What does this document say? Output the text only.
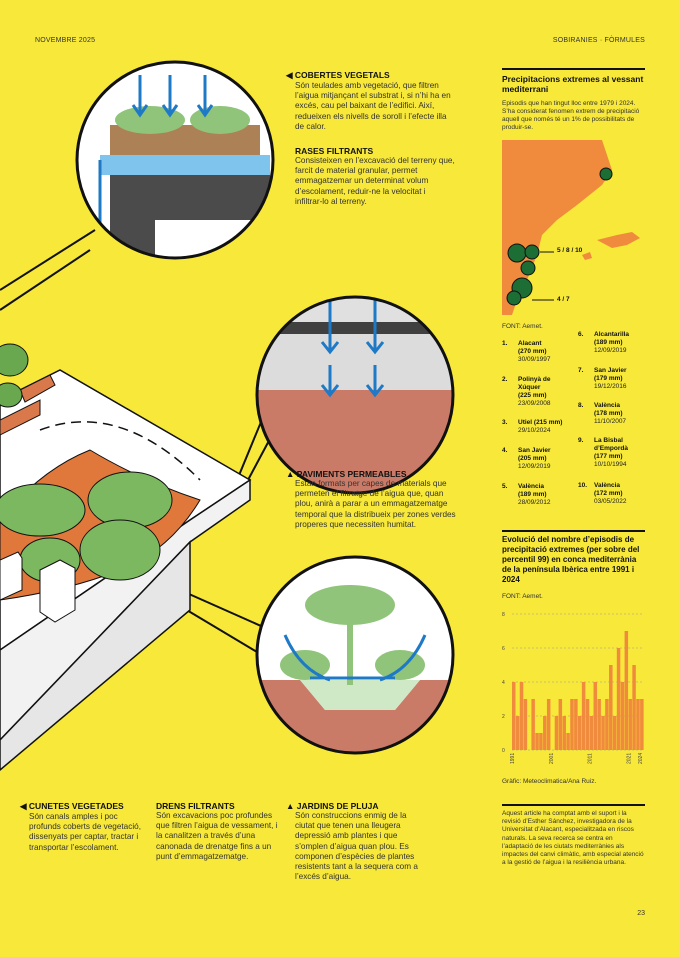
NOVEMBRE 2025	SOBIRANIES · FÒRMULES
◀ COBERTES VEGETALS
Són teulades amb vegetació, que filtren l’aigua mitjançant el substrat i, si n’hi ha en excés, cau pel baixant de l’edifici. Així, redueixen els nivells de soroll i l’efecte illa de calor.
RASES FILTRANTS
Consisteixen en l’excavació del terreny que, farcit de material granular, permet emmagatzemar un determinat volum d’escolament, reduir-ne la velocitat i infiltrar-lo al terreny.
▲ PAVIMENTS PERMEABLES
Estan formats per capes de materials que permeten el filtratge de l’aigua que, quan plou, anirà a parar a un emmagatzematge temporal que la distribueix per zones verdes properes que necessiten humitat.
◀ CUNETES VEGETADES
Són canals amples i poc profunds coberts de vegetació, dissenyats per captar, tractar i transportar l’escolament.
DRENS FILTRANTS
Són excavacions poc profundes que filtren l’aigua de vessament, i la canalitzen a través d’una canonada de drenatge fins a un punt d’emmagatzematge.
▲ JARDINS DE PLUJA
Són construccions enmig de la ciutat que tenen una lleugera depressió amb plantes i que s’omplen d’aigua quan plou. Es componen d’espècies de plantes resistents tant a la sequera com a l’excés d’aigua.
Precipitacions extremes al vessant mediterrani
Episodis que han tingut lloc entre 1979 i 2024. S’ha considerat fenomen extrem de precipitació aquell que només té un 1% de possibilitats de produir-se.
5 / 8 / 10
4 / 7
FONT: Aemet.
1.	Alacant
(270 mm)
30/09/1997
2.	Polinyà de Xúquer
(225 mm)
23/09/2008
3.	Utiel (215 mm)
29/10/2024
4.	San Javier
(205 mm)
12/09/2019
5.	València
(189 mm)
28/09/2012
6.	Alcantarilla
(189 mm)
12/09/2019
7.	San Javier
(179 mm)
19/12/2016
8.	València
(178 mm)
11/10/2007
9.	La Bisbal d’Empordà
(177 mm)
10/10/1994
10.	València
(172 mm)
03/05/2022
Evolució del nombre d’episodis de precipitació extremes (per sobre del percentil 99) en conca mediterrània de la península Ibèrica entre 1991 i 2024
FONT: Aemet.
0
2
4
6
8
1991	2001	2011	2021 2024
Gràfic: Meteoclimatica/Ana Ruiz.
Aquest article ha comptat amb el suport i la revisió d’Esther Sánchez, investigadora de la Universitat d’Alacant, especialitzada en riscos naturals. La seva recerca se centra en l’adaptació de les ciutats mediterrànies als impactes del canvi climàtic, amb especial atenció a la gestió de l’aigua i la resiliència urbana.
23
